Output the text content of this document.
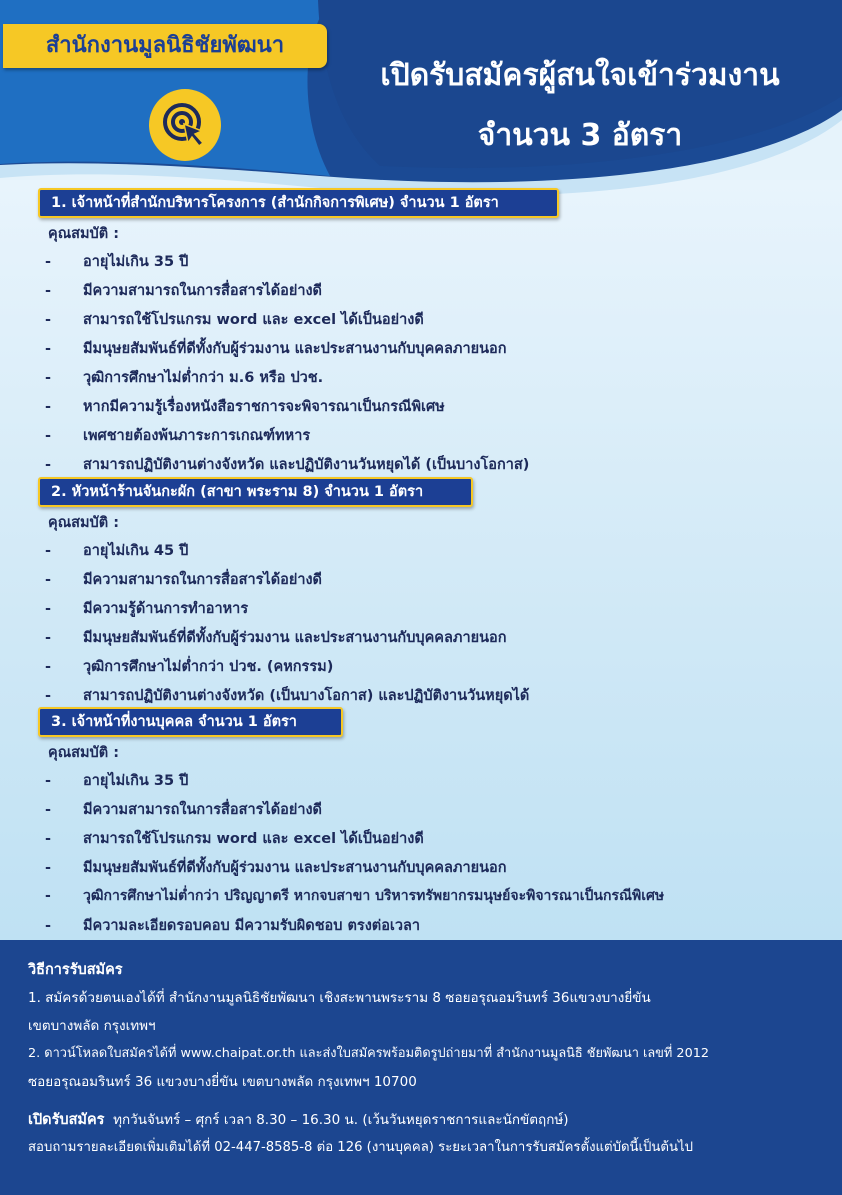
สำนักงานมูลนิธิชัยพัฒนา
เปิดรับสมัครผู้สนใจเข้าร่วมงาน
จำนวน 3 อัตรา
1. เจ้าหน้าที่สำนักบริหารโครงการ (สำนักกิจการพิเศษ) จำนวน 1 อัตรา
คุณสมบัติ :
- อายุไม่เกิน 35 ปี
- มีความสามารถในการสื่อสารได้อย่างดี
- สามารถใช้โปรแกรม word และ excel ได้เป็นอย่างดี
- มีมนุษยสัมพันธ์ที่ดีทั้งกับผู้ร่วมงาน และประสานงานกับบุคคลภายนอก
- วุฒิการศึกษาไม่ต่ำกว่า ม.6 หรือ ปวช.
- หากมีความรู้เรื่องหนังสือราชการจะพิจารณาเป็นกรณีพิเศษ
- เพศชายต้องพ้นภาระการเกณฑ์ทหาร
- สามารถปฏิบัติงานต่างจังหวัด และปฏิบัติงานวันหยุดได้ (เป็นบางโอกาส)
2. หัวหน้าร้านจันกะผัก (สาขา พระราม 8) จำนวน 1 อัตรา
คุณสมบัติ :
- อายุไม่เกิน 45 ปี
- มีความสามารถในการสื่อสารได้อย่างดี
- มีความรู้ด้านการทำอาหาร
- มีมนุษยสัมพันธ์ที่ดีทั้งกับผู้ร่วมงาน และประสานงานกับบุคคลภายนอก
- วุฒิการศึกษาไม่ต่ำกว่า ปวช. (คหกรรม)
- สามารถปฏิบัติงานต่างจังหวัด (เป็นบางโอกาส) และปฏิบัติงานวันหยุดได้
3. เจ้าหน้าที่งานบุคคล จำนวน 1 อัตรา
คุณสมบัติ :
- อายุไม่เกิน 35 ปี
- มีความสามารถในการสื่อสารได้อย่างดี
- สามารถใช้โปรแกรม word และ excel ได้เป็นอย่างดี
- มีมนุษยสัมพันธ์ที่ดีทั้งกับผู้ร่วมงาน และประสานงานกับบุคคลภายนอก
- วุฒิการศึกษาไม่ต่ำกว่า ปริญญาตรี หากจบสาขา บริหารทรัพยากรมนุษย์จะพิจารณาเป็นกรณีพิเศษ
- มีความละเอียดรอบคอบ มีความรับผิดชอบ ตรงต่อเวลา
วิธีการรับสมัคร
1. สมัครด้วยตนเองได้ที่ สำนักงานมูลนิธิชัยพัฒนา เชิงสะพานพระราม 8 ซอยอรุณอมรินทร์ 36แขวงบางยี่ขัน
เขตบางพลัด กรุงเทพฯ
2. ดาวน์โหลดใบสมัครได้ที่ www.chaipat.or.th และส่งใบสมัครพร้อมติดรูปถ่ายมาที่ สำนักงานมูลนิธิ ชัยพัฒนา เลขที่ 2012
ซอยอรุณอมรินทร์ 36 แขวงบางยี่ขัน เขตบางพลัด กรุงเทพฯ 10700
เปิดรับสมัคร ทุกวันจันทร์ – ศุกร์ เวลา 8.30 – 16.30 น. (เว้นวันหยุดราชการและนักขัตฤกษ์)
สอบถามรายละเอียดเพิ่มเติมได้ที่ 02-447-8585-8 ต่อ 126 (งานบุคคล) ระยะเวลาในการรับสมัครตั้งแต่บัดนี้เป็นต้นไป
